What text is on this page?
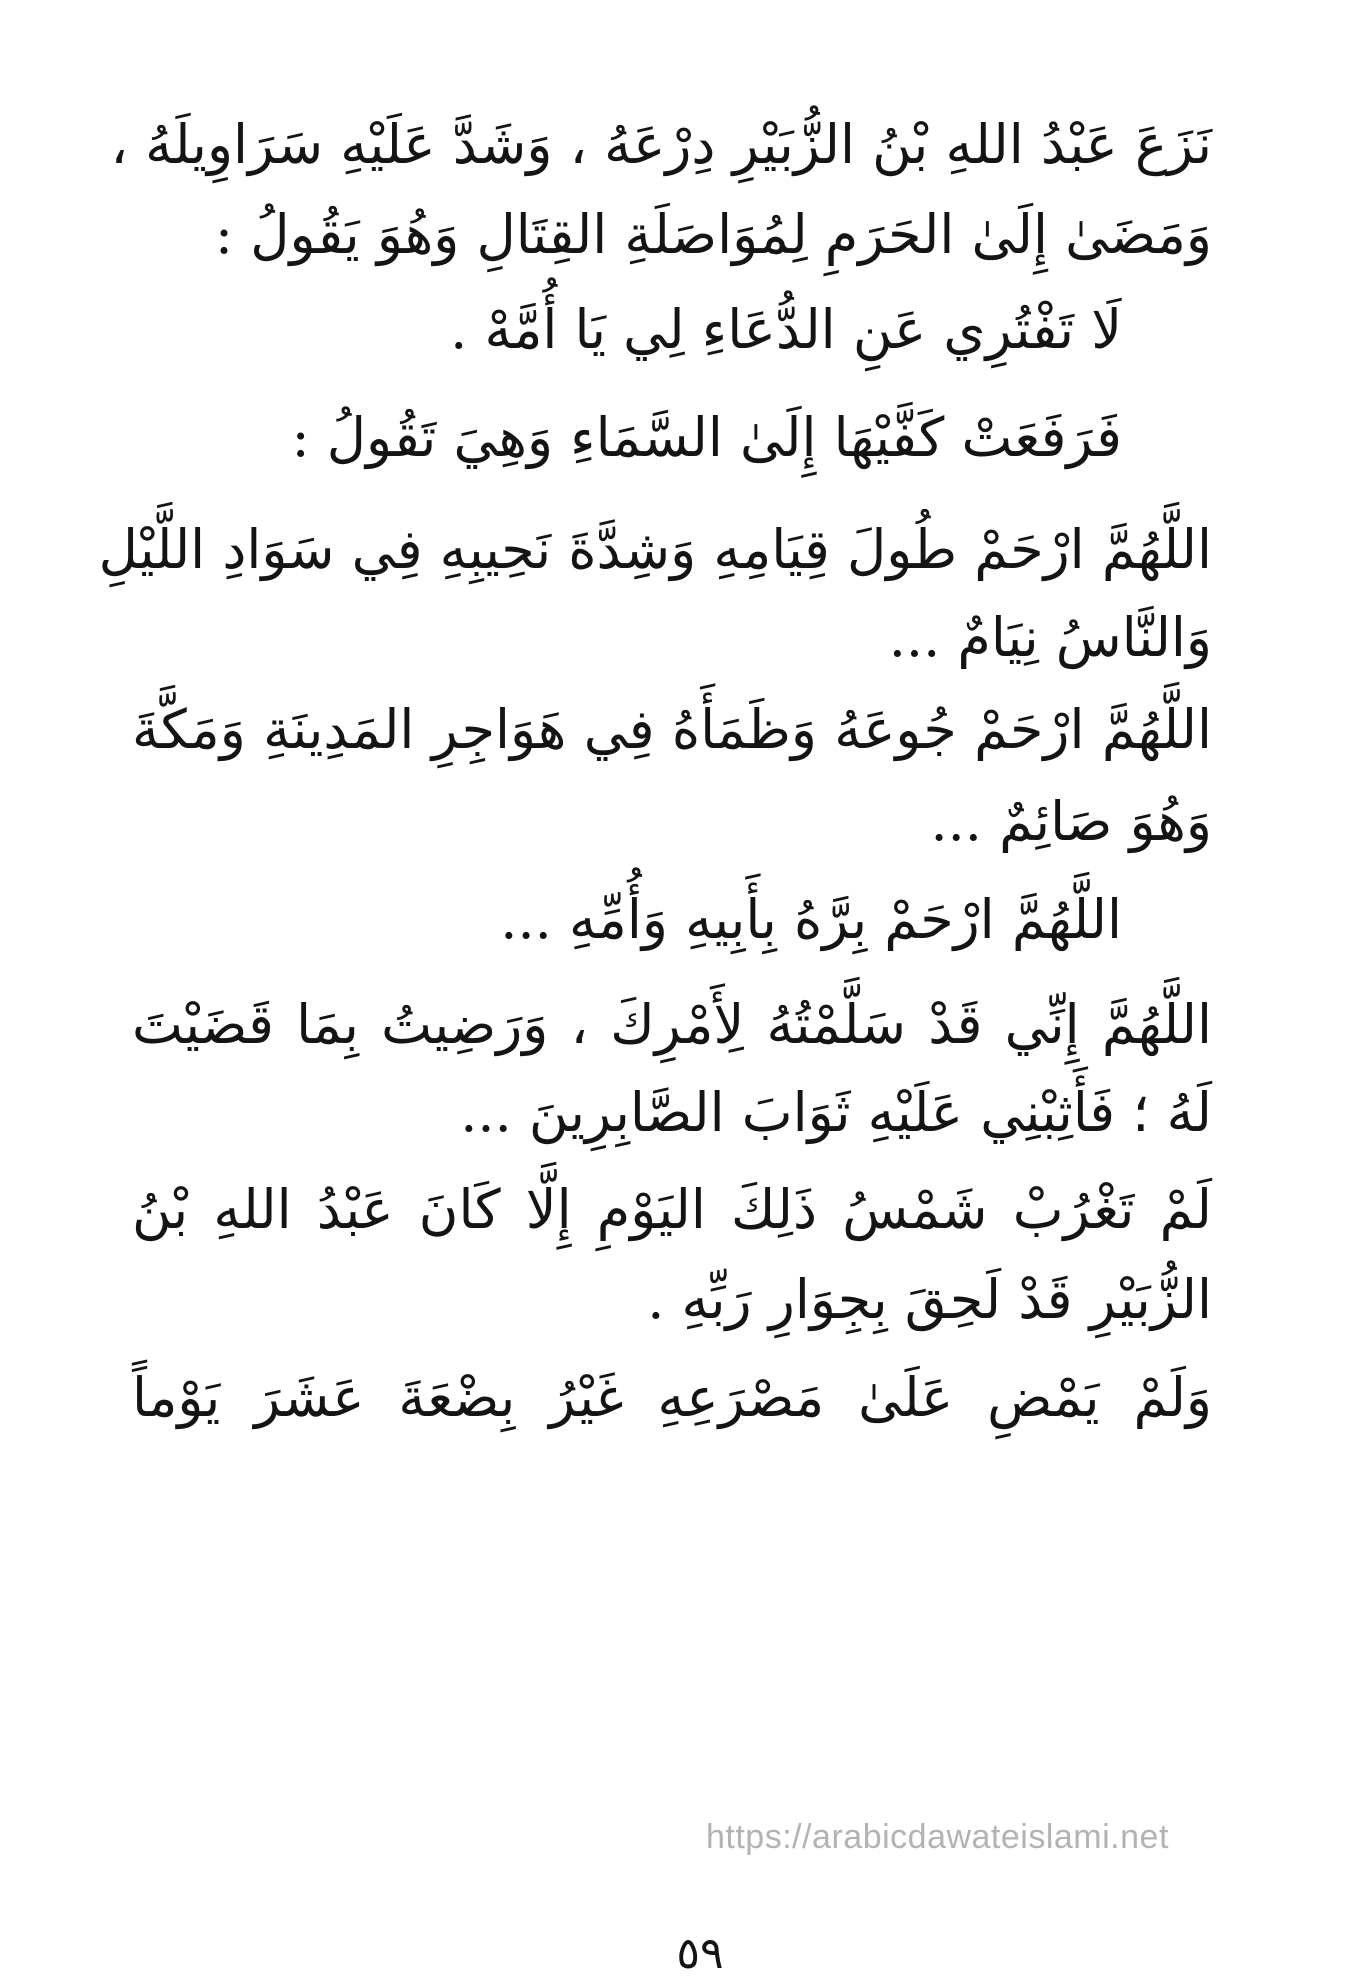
نَزَعَ عَبْدُ اللهِ بْنُ الزُّبَيْرِ دِرْعَهُ ، وَشَدَّ عَلَيْهِ سَرَاوِيلَهُ ،
وَمَضَىٰ إِلَىٰ الحَرَمِ لِمُوَاصَلَةِ القِتَالِ وَهُوَ يَقُولُ :
لَا تَفْتُرِي عَنِ الدُّعَاءِ لِي يَا أُمَّهْ .
فَرَفَعَتْ كَفَّيْهَا إِلَىٰ السَّمَاءِ وَهِيَ تَقُولُ :
اللَّهُمَّ ارْحَمْ طُولَ قِيَامِهِ وَشِدَّةَ نَحِيبِهِ فِي سَوَادِ اللَّيْلِ
وَالنَّاسُ نِيَامٌ ...
اللَّهُمَّ ارْحَمْ جُوعَهُ وَظَمَأَهُ فِي هَوَاجِرِ المَدِينَةِ وَمَكَّةَ
وَهُوَ صَائِمٌ ...
اللَّهُمَّ ارْحَمْ بِرَّهُ بِأَبِيهِ وَأُمِّهِ ...
اللَّهُمَّ إِنِّي قَدْ سَلَّمْتُهُ لِأَمْرِكَ ، وَرَضِيتُ بِمَا قَضَيْتَ
لَهُ ؛ فَأَثِبْنِي عَلَيْهِ ثَوَابَ الصَّابِرِينَ ...
لَمْ تَغْرُبْ شَمْسُ ذَلِكَ اليَوْمِ إِلَّا كَانَ عَبْدُ اللهِ بْنُ
الزُّبَيْرِ قَدْ لَحِقَ بِجِوَارِ رَبِّهِ .
وَلَمْ يَمْضِ عَلَىٰ مَصْرَعِهِ غَيْرُ بِضْعَةَ عَشَرَ يَوْماً
https://arabicdawateislami.net
٥٩
